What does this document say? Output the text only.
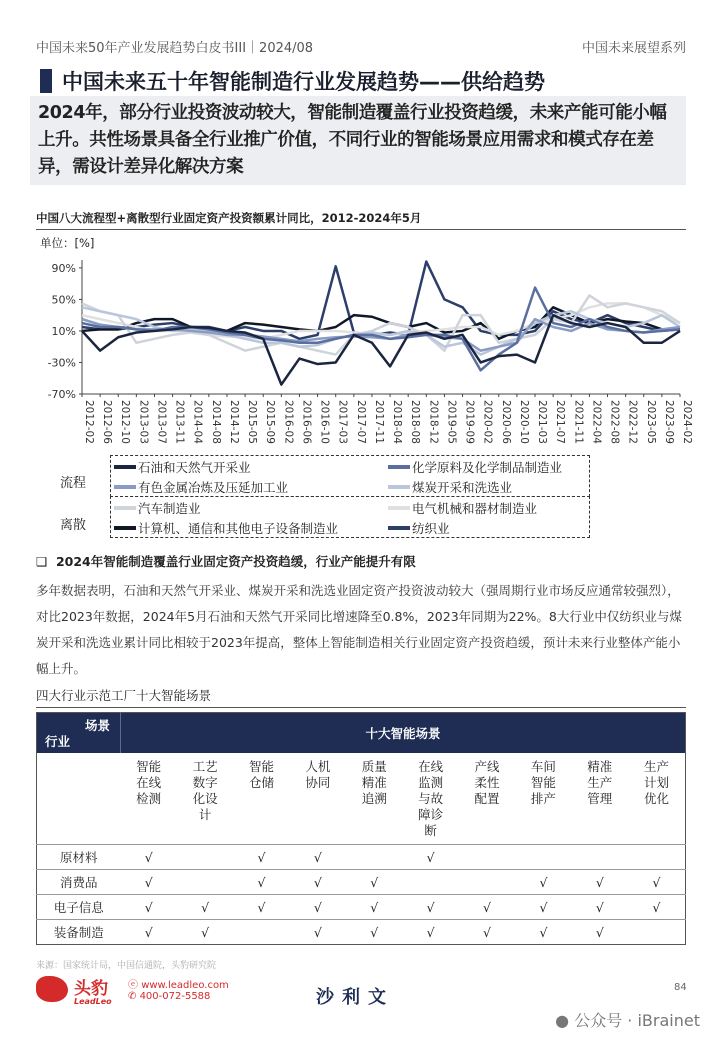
中国未来50年产业发展趋势白皮书III｜2024/08	中国未来展望系列
中国未来五十年智能制造行业发展趋势——供给趋势
2024年，部分行业投资波动较大，智能制造覆盖行业投资趋缓，未来产能可能小幅上升。共性场景具备全行业推广价值，不同行业的智能场景应用需求和模式存在差异，需设计差异化解决方案
中国八大流程型+离散型行业固定资产投资额累计同比，2012-2024年5月
单位：[%]
90%
50%
10%
-30%
-70%
2012-02 2012-06 2012-10 2013-03 2013-07 2013-11 2014-04 2014-08 2014-12 2015-05 2015-09 2016-02 2016-06 2016-10 2017-03 2017-07 2017-11 2018-04 2018-08 2018-12 2019-05 2019-09 2020-02 2020-06 2020-10 2021-03 2021-07 2021-11 2022-04 2022-08 2022-12 2023-05 2023-09 2024-02
流程
离散
石油和天然气开采业	化学原料及化学制品制造业
有色金属冶炼及压延加工业	煤炭开采和洗选业
汽车制造业	电气机械和器材制造业
计算机、通信和其他电子设备制造业	纺织业
❑ 2024年智能制造覆盖行业固定资产投资趋缓，行业产能提升有限
多年数据表明，石油和天然气开采业、煤炭开采和洗选业固定资产投资波动较大（强周期行业市场反应通常较强烈），对比2023年数据，2024年5月石油和天然气开采同比增速降至0.8%，2023年同期为22%。8大行业中仅纺织业与煤炭开采和洗选业累计同比相较于2023年提高，整体上智能制造相关行业固定资产投资趋缓，预计未来行业整体产能小幅上升。
四大行业示范工厂十大智能场景
场景
行业	十大智能场景									

	智能在线检测	工艺数字化设计	智能仓储	人机协同	质量精准追溯	在线监测与故障诊断	产线柔性配置	车间智能排产	精准生产管理	生产计划优化

原材料	√		√	√		√				
消费品	√		√	√	√			√	√	√
电子信息	√	√	√	√	√	√	√	√	√	√
装备制造	√	√		√	√	√	√	√	√	
来源：国家统计局，中国信通院，头豹研究院
头豹
LeadLeo
ⓔ www.leadleo.com
✆ 400-072-5588	沙利文	84
● 公众号 · iBrainet
